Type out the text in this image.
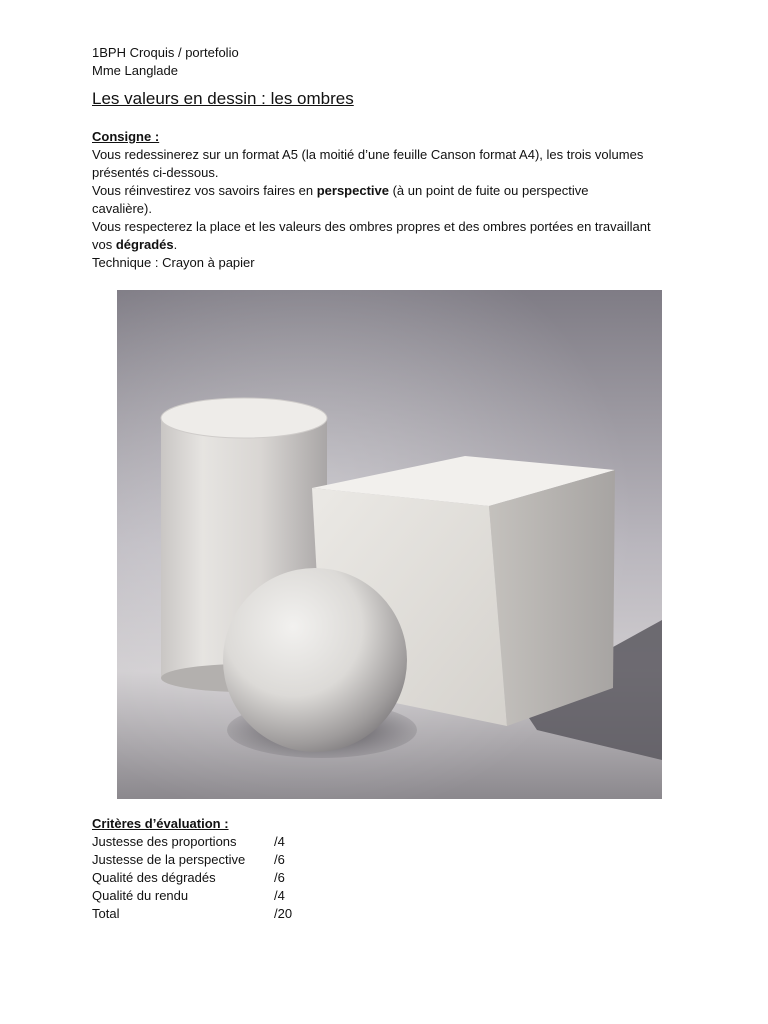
1BPH Croquis / portefolio
Mme Langlade
Les valeurs en dessin : les ombres
Consigne :

Vous redessinerez sur un format A5 (la moitié d’une feuille Canson format A4), les trois volumes présentés ci-dessous.

Vous réinvestirez vos savoirs faires en perspective (à un point de fuite ou perspective cavalière).

Vous respecterez la place et les valeurs des ombres propres et des ombres portées en travaillant vos dégradés.

Technique : Crayon à papier

Critères d’évaluation :
Justesse des proportions	/4
Justesse de la perspective	/6
Qualité des dégradés	/6
Qualité du rendu	/4
Total	/20
